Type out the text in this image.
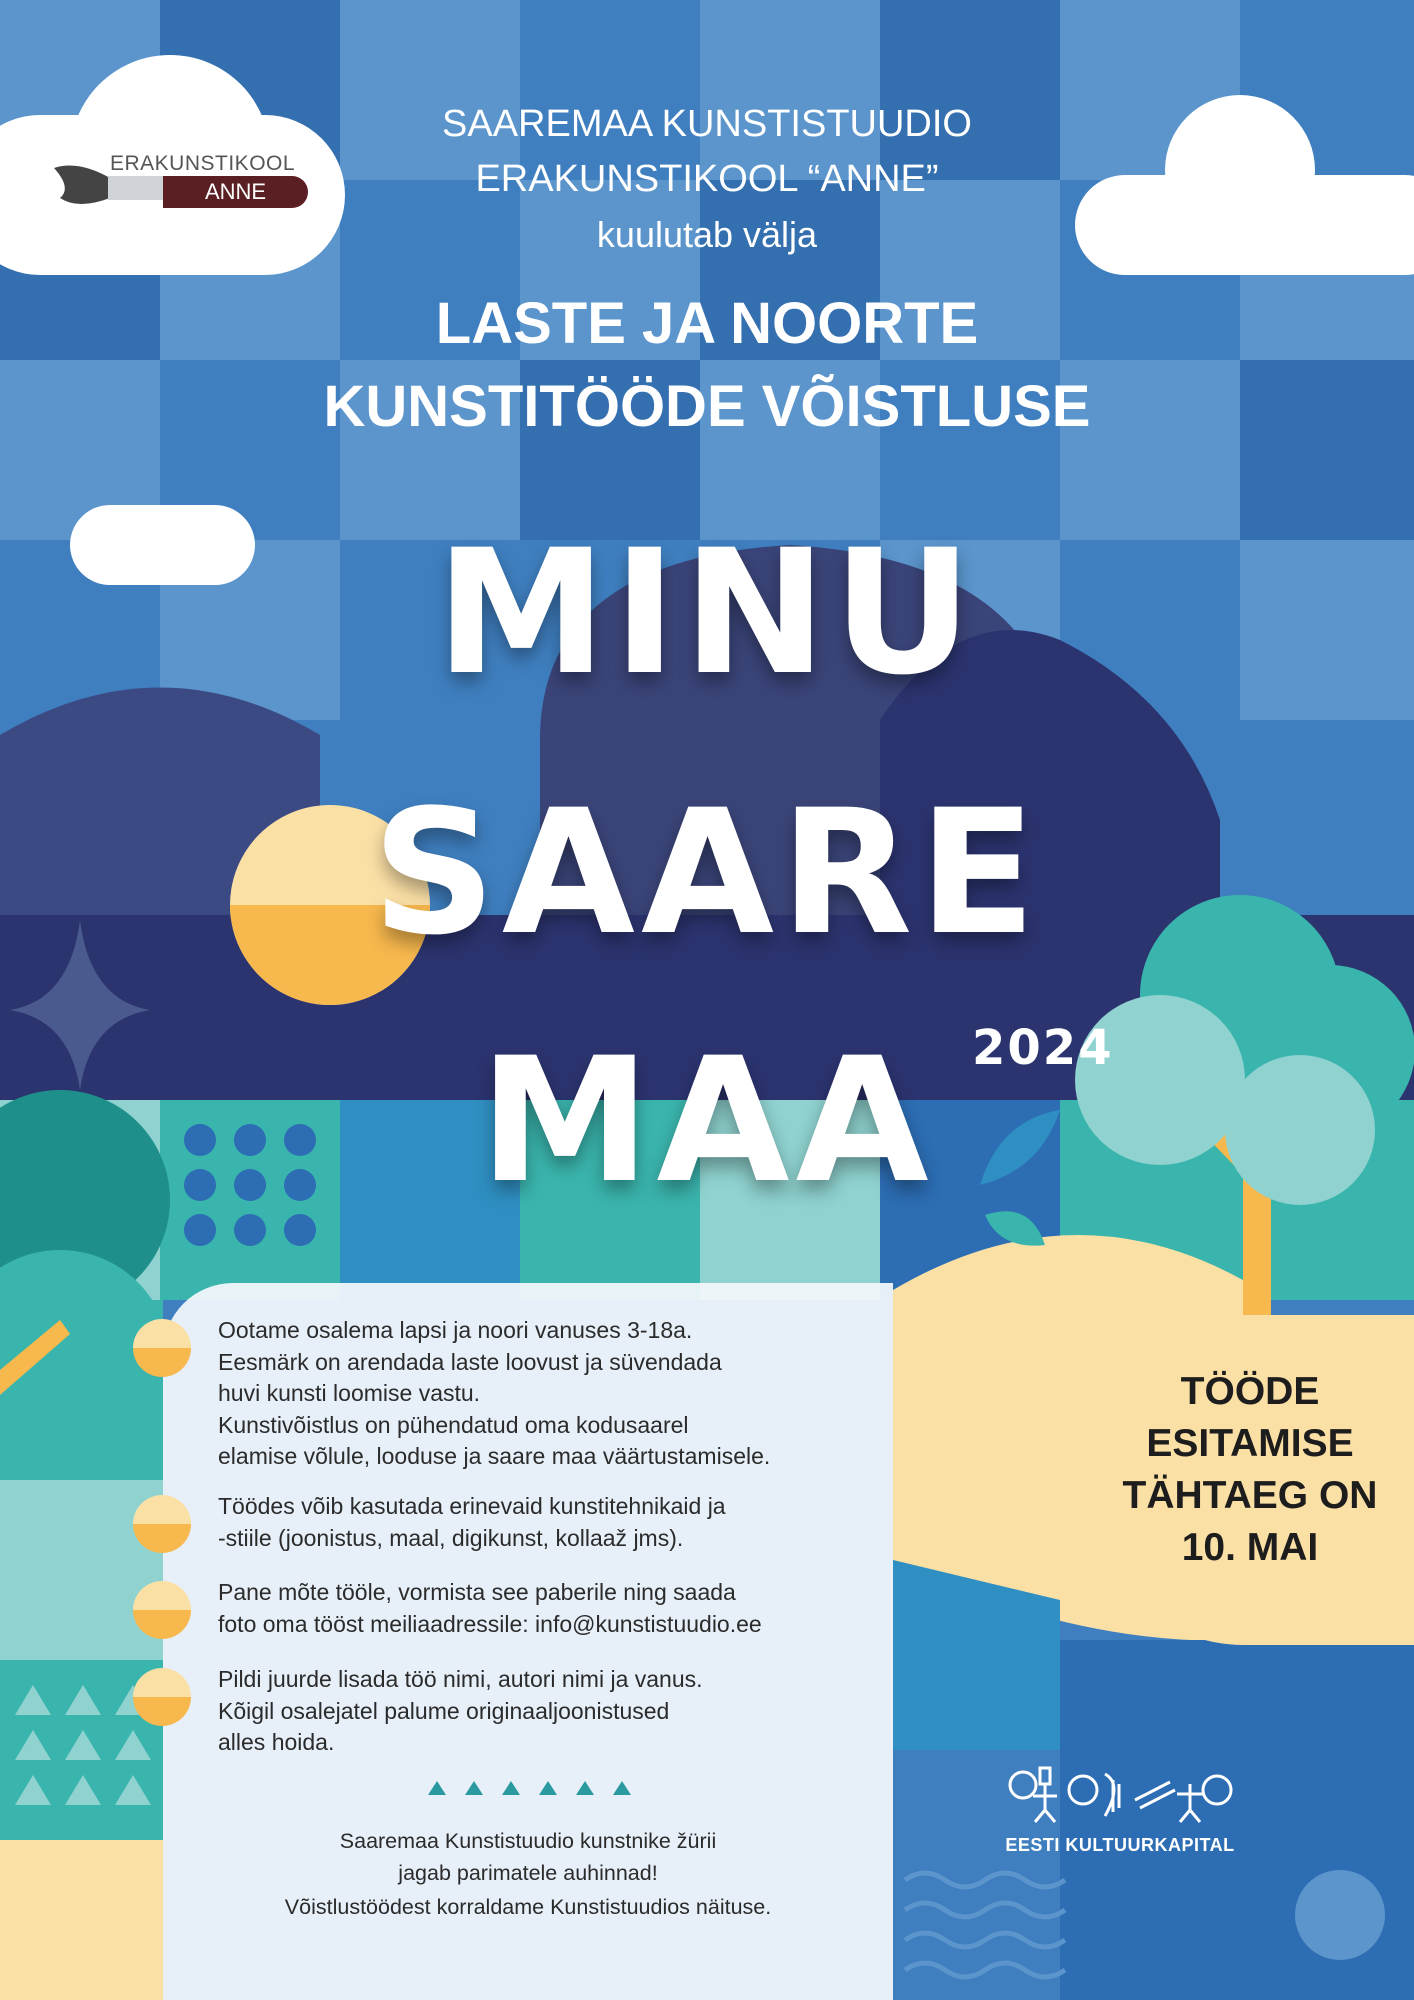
ERAKUNSTIKOOL
ANNE

SAAREMAA KUNSTISTUUDIO

ERAKUNSTIKOOL “ANNE”

kuulutab välja

LASTE JA NOORTE

KUNSTITÖÖDE VÕISTLUSE

MINU

SAARE

MAA 2024

Ootame osalema lapsi ja noori vanuses 3-18a.
Eesmärk on arendada laste loovust ja süvendada
huvi kunsti loomise vastu.
Kunstivõistlus on pühendatud oma kodusaarel
elamise võlule, looduse ja saare maa väärtustamisele.

Töödes võib kasutada erinevaid kunstitehnikaid ja
-stiile (joonistus, maal, digikunst, kollaaž jms).

Pane mõte tööle, vormista see paberile ning saada
foto oma tööst meiliaadressile: info@kunstistuudio.ee

Pildi juurde lisada töö nimi, autori nimi ja vanus.
Kõigil osalejatel palume originaaljoonistused
alles hoida.

Saaremaa Kunstistuudio kunstnike žürii

jagab parimatele auhinnad!

Võistlustöödest korraldame Kunstistuudios näituse.

TÖÖDE

ESITAMISE

TÄHTAEG ON

10. MAI

EESTI KULTUURKAPITAL
